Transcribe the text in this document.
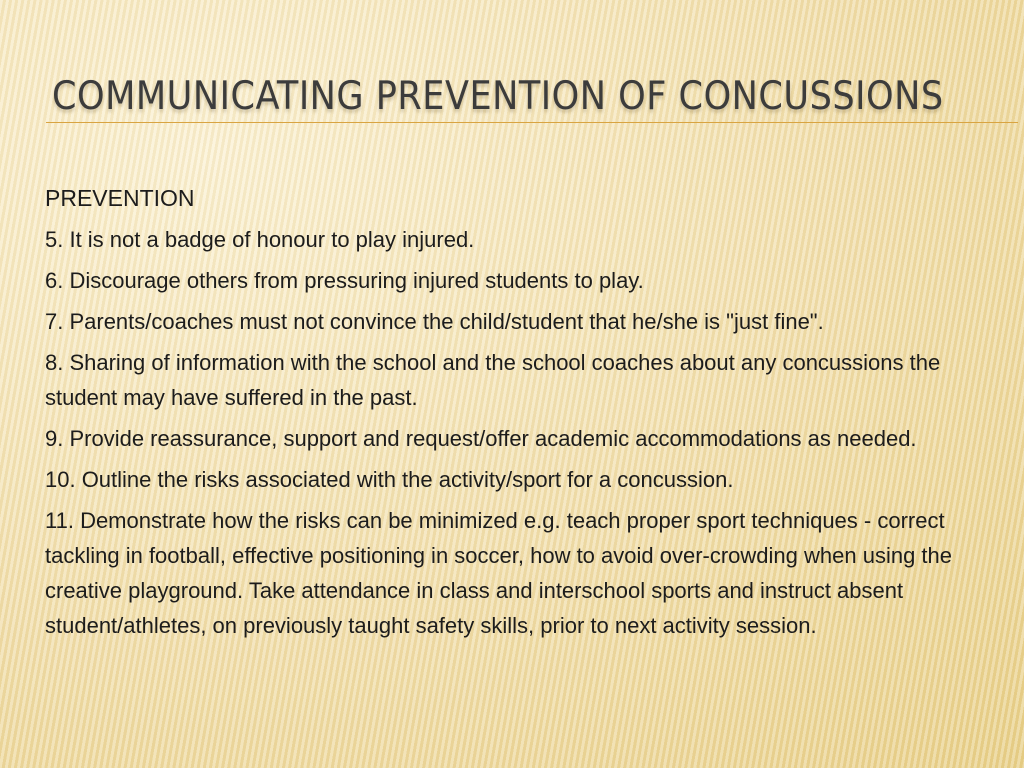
COMMUNICATING PREVENTION OF CONCUSSIONS
PREVENTION
5. It is not a badge of honour to play injured.
6. Discourage others from pressuring injured students to play.
7. Parents/coaches must not convince the child/student that he/she is "just fine".
8. Sharing of information with the school and the school coaches about any concussions the student may have suffered in the past.
9. Provide reassurance, support and request/offer academic accommodations as needed.
10. Outline the risks associated with the activity/sport for a concussion.
11. Demonstrate how the risks can be minimized e.g. teach proper sport techniques - correct tackling in football, effective positioning in soccer, how to avoid over-crowding when using the creative playground. Take attendance in class and interschool sports and instruct absent student/athletes, on previously taught safety skills, prior to next activity session.
